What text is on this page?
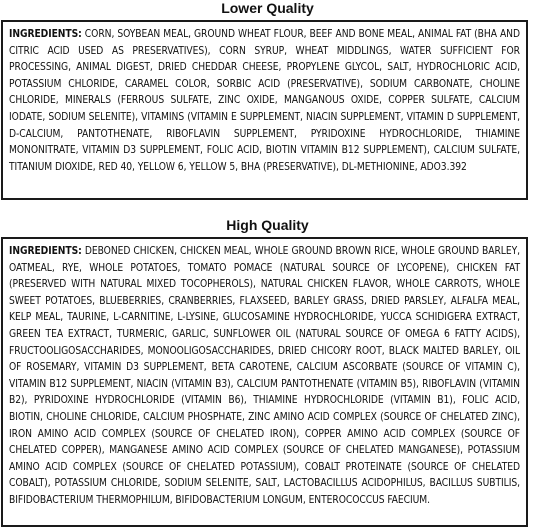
Lower Quality
INGREDIENTS: CORN, SOYBEAN MEAL, GROUND WHEAT FLOUR, BEEF AND BONE MEAL, ANIMAL FAT (BHA AND CITRIC ACID USED AS PRESERVATIVES), CORN SYRUP, WHEAT MIDDLINGS, WATER SUFFICIENT FOR PROCESSING, ANIMAL DIGEST, DRIED CHEDDAR CHEESE, PROPYLENE GLYCOL, SALT, HYDROCHLORIC ACID, POTASSIUM CHLORIDE, CARAMEL COLOR, SORBIC ACID (PRESERVATIVE), SODIUM CARBONATE, CHOLINE CHLORIDE, MINERALS (FERROUS SULFATE, ZINC OXIDE, MANGANOUS OXIDE, COPPER SULFATE, CALCIUM IODATE, SODIUM SELENITE), VITAMINS (VITAMIN E SUPPLEMENT, NIACIN SUPPLEMENT, VITAMIN D SUPPLEMENT, D-CALCIUM, PANTOTHENATE, RIBOFLAVIN SUPPLEMENT, PYRIDOXINE HYDROCHLORIDE, THIAMINE MONONITRATE, VITAMIN D3 SUPPLEMENT, FOLIC ACID, BIOTIN VITAMIN B12 SUPPLEMENT), CALCIUM SULFATE, TITANIUM DIOXIDE, RED 40, YELLOW 6, YELLOW 5, BHA (PRESERVATIVE), DL-METHIONINE, ADO3.392
High Quality
INGREDIENTS: DEBONED CHICKEN, CHICKEN MEAL, WHOLE GROUND BROWN RICE, WHOLE GROUND BARLEY, OATMEAL, RYE, WHOLE POTATOES, TOMATO POMACE (NATURAL SOURCE OF LYCOPENE), CHICKEN FAT (PRESERVED WITH NATURAL MIXED TOCOPHEROLS), NATURAL CHICKEN FLAVOR, WHOLE CARROTS, WHOLE SWEET POTATOES, BLUEBERRIES, CRANBERRIES, FLAXSEED, BARLEY GRASS, DRIED PARSLEY, ALFALFA MEAL, KELP MEAL, TAURINE, L-CARNITINE, L-LYSINE, GLUCOSAMINE HYDROCHLORIDE, YUCCA SCHIDIGERA EXTRACT, GREEN TEA EXTRACT, TURMERIC, GARLIC, SUNFLOWER OIL (NATURAL SOURCE OF OMEGA 6 FATTY ACIDS), FRUCTOOLIGOSACCHARIDES, MONOOLIGOSACCHARIDES, DRIED CHICORY ROOT, BLACK MALTED BARLEY, OIL OF ROSEMARY, VITAMIN D3 SUPPLEMENT, BETA CAROTENE, CALCIUM ASCORBATE (SOURCE OF VITAMIN C), VITAMIN B12 SUPPLEMENT, NIACIN (VITAMIN B3), CALCIUM PANTOTHENATE (VITAMIN B5), RIBOFLAVIN (VITAMIN B2), PYRIDOXINE HYDROCHLORIDE (VITAMIN B6), THIAMINE HYDROCHLORIDE (VITAMIN B1), FOLIC ACID, BIOTIN, CHOLINE CHLORIDE, CALCIUM PHOSPHATE, ZINC AMINO ACID COMPLEX (SOURCE OF CHELATED ZINC), IRON AMINO ACID COMPLEX (SOURCE OF CHELATED IRON), COPPER AMINO ACID COMPLEX (SOURCE OF CHELATED COPPER), MANGANESE AMINO ACID COMPLEX (SOURCE OF CHELATED MANGANESE), POTASSIUM AMINO ACID COMPLEX (SOURCE OF CHELATED POTASSIUM), COBALT PROTEINATE (SOURCE OF CHELATED COBALT), POTASSIUM CHLORIDE, SODIUM SELENITE, SALT, LACTOBACILLUS ACIDOPHILUS, BACILLUS SUBTILIS, BIFIDOBACTERIUM THERMOPHILUM, BIFIDOBACTERIUM LONGUM, ENTEROCOCCUS FAECIUM.
